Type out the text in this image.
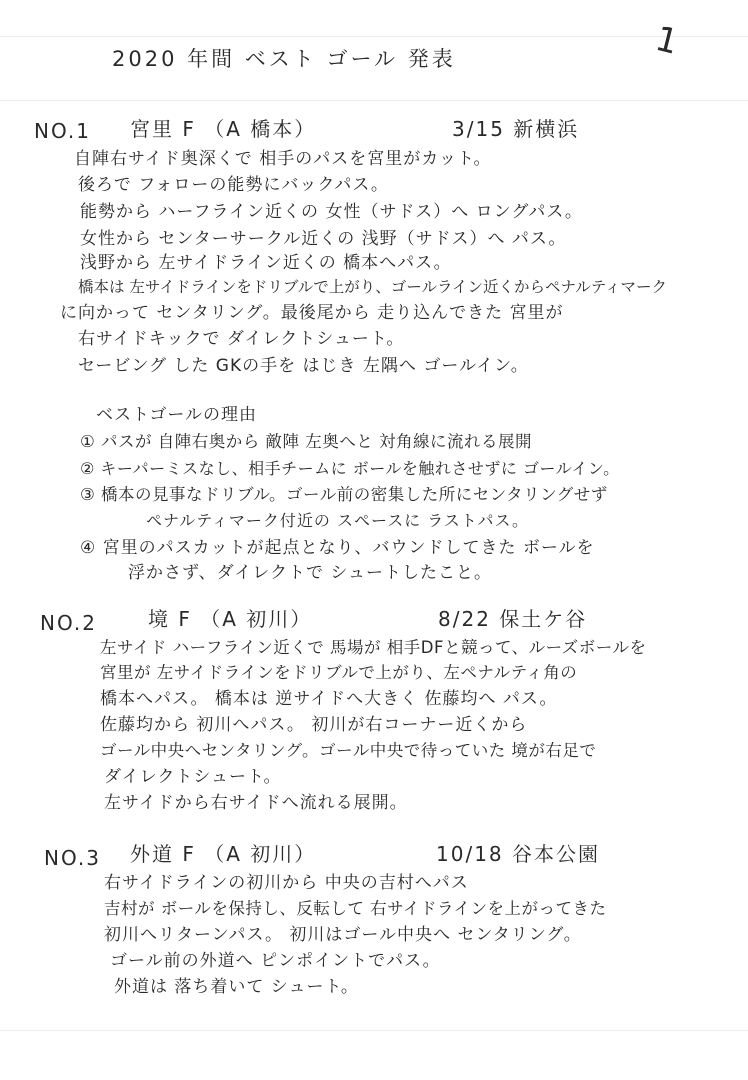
2020 年間 ベスト ゴール 発表	1
NO.1 宮里 F （A 橋本）	3/15 新横浜
自陣右サイド奥深くで 相手のパスを宮里がカット。
後ろで フォローの能勢にバックパス。
能勢から ハーフライン近くの 女性（サドス）へ ロングパス。
女性から センターサークル近くの 浅野（サドス）へ パス。
浅野から 左サイドライン近くの 橋本へパス。
橋本は 左サイドラインをドリブルで上がり、ゴールライン近くからペナルティマーク
に向かって センタリング。最後尾から 走り込んできた 宮里が
右サイドキックで ダイレクトシュート。
セービング した GKの手を はじき 左隅へ ゴールイン。
ベストゴールの理由
① パスが 自陣右奥から 敵陣 左奥へと 対角線に流れる展開
② キーパーミスなし、相手チームに ボールを触れさせずに ゴールイン。
③ 橋本の見事なドリブル。ゴール前の密集した所にセンタリングせず
ペナルティマーク付近の スペースに ラストパス。
④ 宮里のパスカットが起点となり、バウンドしてきた ボールを
浮かさず、ダイレクトで シュートしたこと。
NO.2	境 F （A 初川）	8/22 保土ケ谷
左サイド ハーフライン近くで 馬場が 相手DFと競って、ルーズボールを
宮里が 左サイドラインをドリブルで上がり、左ペナルティ角の
橋本へパス。 橋本は 逆サイドへ大きく 佐藤均へ パス。
佐藤均から 初川へパス。 初川が右コーナー近くから
ゴール中央へセンタリング。ゴール中央で待っていた 境が右足で
ダイレクトシュート。
左サイドから右サイドへ流れる展開。
NO.3 外道 F （A 初川）	10/18 谷本公園
右サイドラインの初川から 中央の吉村へパス
吉村が ボールを保持し、反転して 右サイドラインを上がってきた
初川へリターンパス。 初川はゴール中央へ センタリング。
ゴール前の外道へ ピンポイントでパス。
外道は 落ち着いて シュート。
